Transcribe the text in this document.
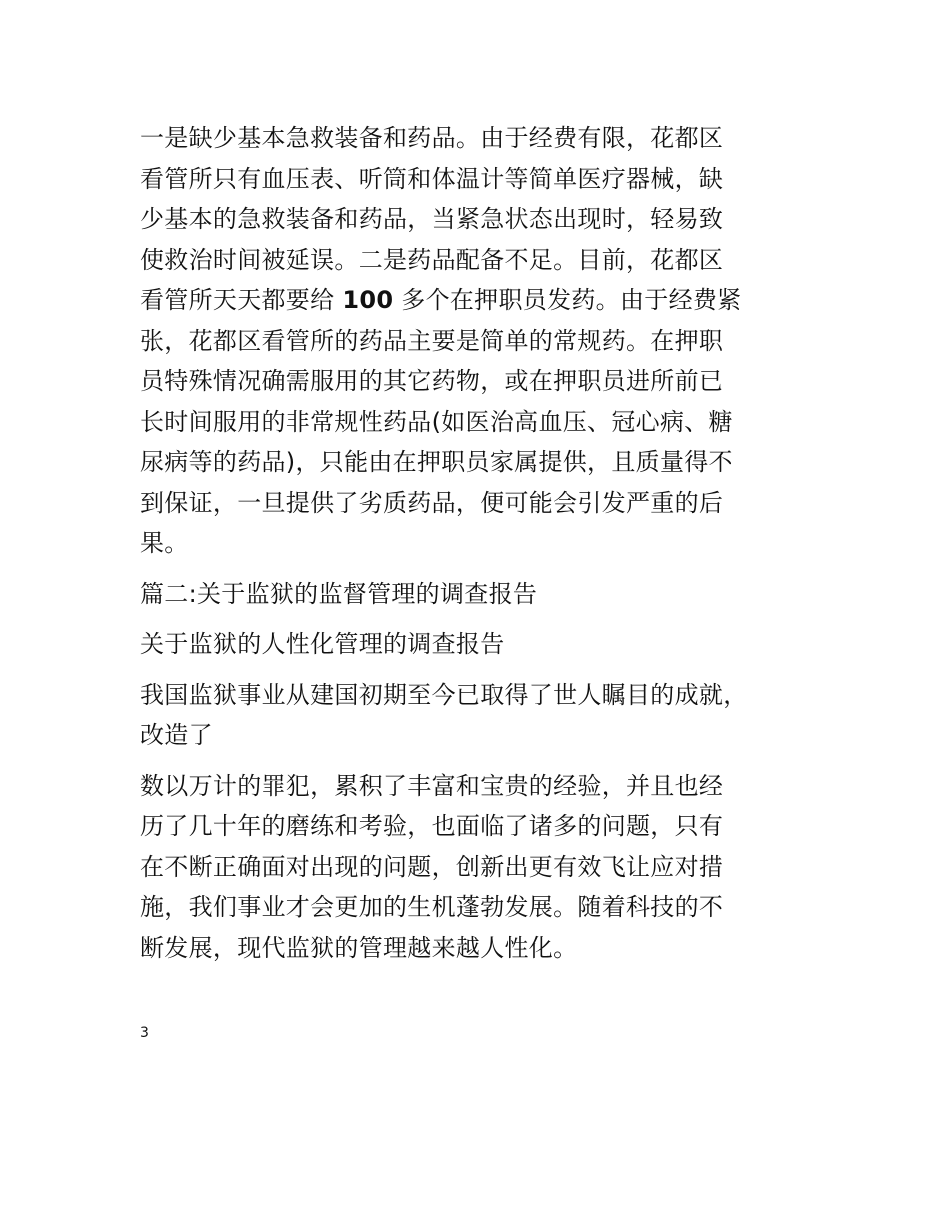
一是缺少基本急救装备和药品。由于经费有限，花都区
看管所只有血压表、听筒和体温计等简单医疗器械，缺
少基本的急救装备和药品，当紧急状态出现时，轻易致
使救治时间被延误。二是药品配备不足。目前，花都区
看管所天天都要给 100 多个在押职员发药。由于经费紧
张，花都区看管所的药品主要是简单的常规药。在押职
员特殊情况确需服用的其它药物，或在押职员进所前已
长时间服用的非常规性药品(如医治高血压、冠心病、糖
尿病等的药品)，只能由在押职员家属提供，且质量得不
到保证，一旦提供了劣质药品，便可能会引发严重的后
果。

篇二:关于监狱的监督管理的调查报告

关于监狱的人性化管理的调查报告

我国监狱事业从建国初期至今已取得了世人瞩目的成就，
改造了

数以万计的罪犯，累积了丰富和宝贵的经验，并且也经
历了几十年的磨练和考验，也面临了诸多的问题，只有
在不断正确面对出现的问题，创新出更有效飞让应对措
施，我们事业才会更加的生机蓬勃发展。随着科技的不
断发展，现代监狱的管理越来越人性化。

3
